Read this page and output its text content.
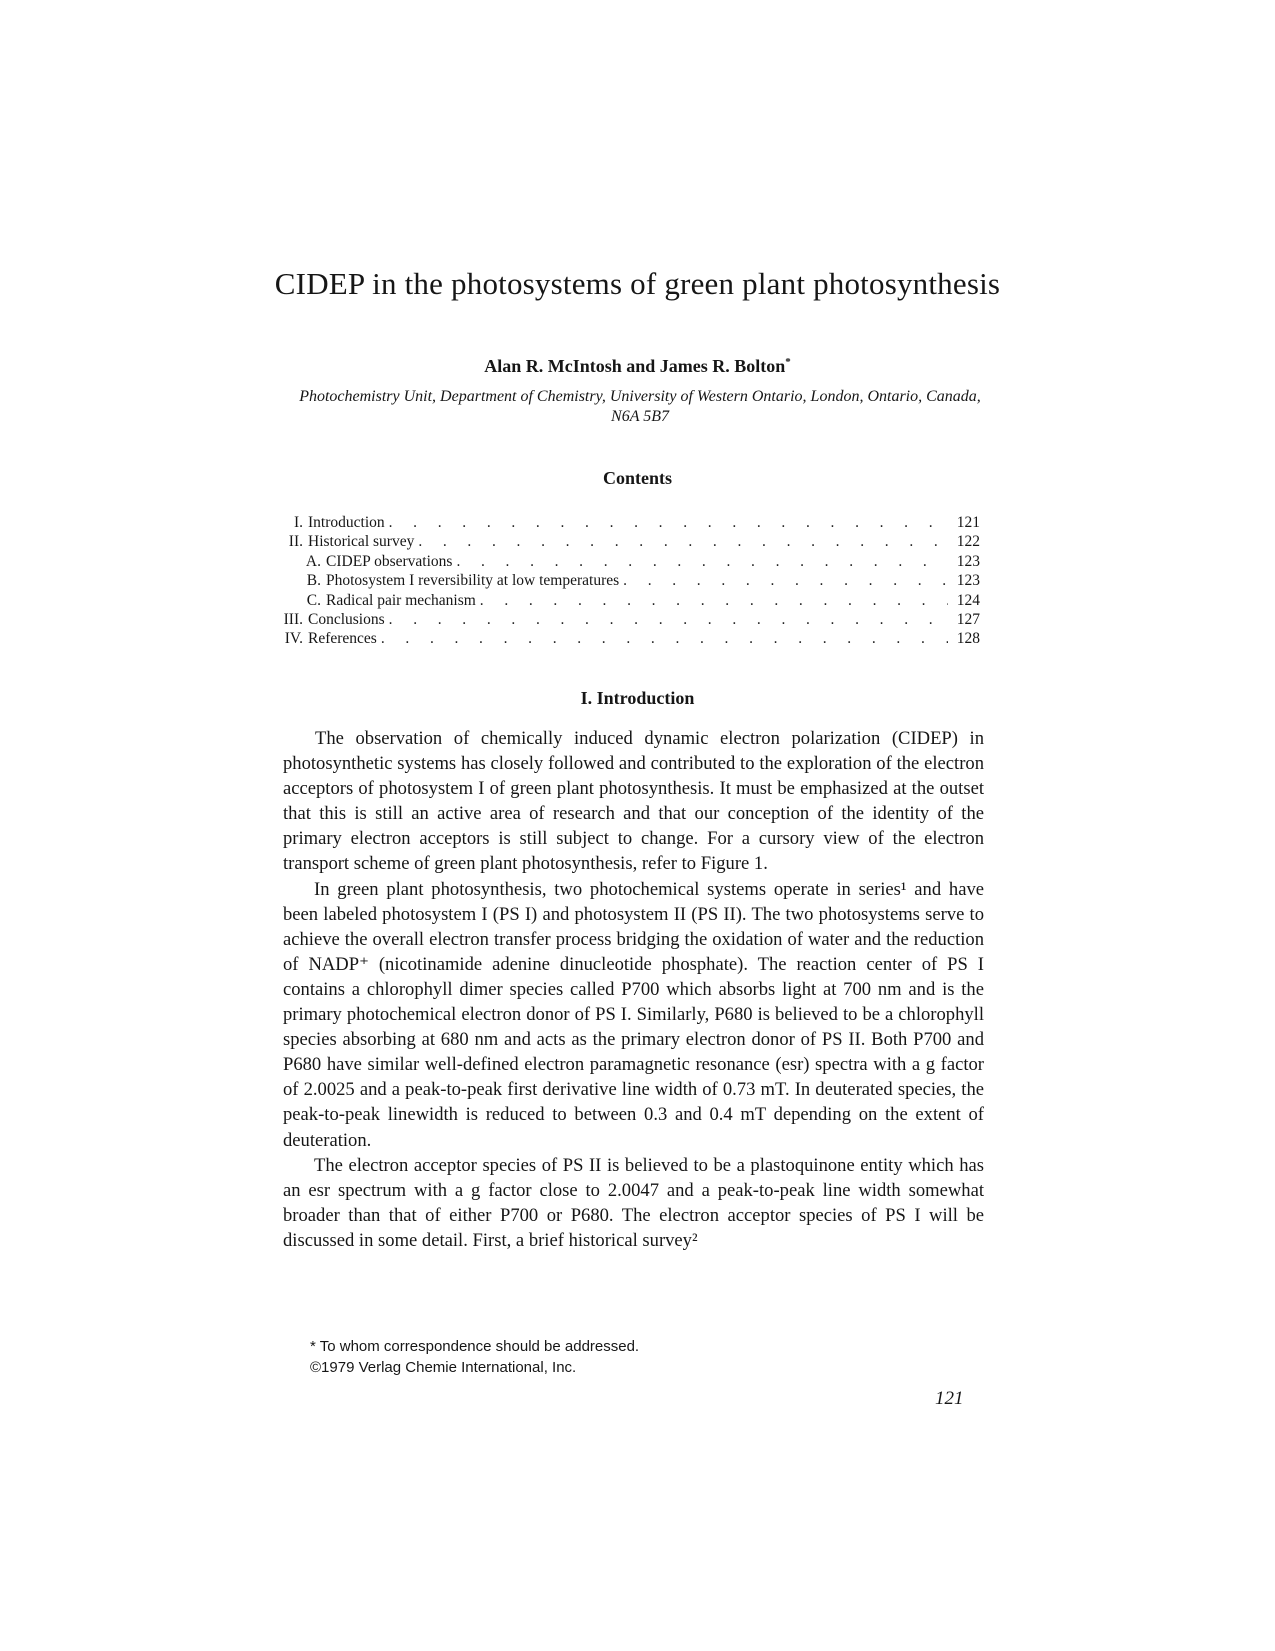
CIDEP in the photosystems of green plant photosynthesis
Alan R. McIntosh and James R. Bolton*
Photochemistry Unit, Department of Chemistry, University of Western Ontario, London, Ontario, Canada, N6A 5B7
Contents
I. Introduction . . .	121
II. Historical survey . . .	122
A. CIDEP observations . . .	123
B. Photosystem I reversibility at low temperatures . . .	123
C. Radical pair mechanism . . .	124
III. Conclusions . . .	127
IV. References . . .	128
I. Introduction

The observation of chemically induced dynamic electron polarization (CIDEP) in photosynthetic systems has closely followed and contributed to the exploration of the electron acceptors of photosystem I of green plant photosynthesis. It must be emphasized at the outset that this is still an active area of research and that our conception of the identity of the primary electron acceptors is still subject to change. For a cursory view of the electron transport scheme of green plant photosynthesis, refer to Figure 1.

In green plant photosynthesis, two photochemical systems operate in series¹ and have been labeled photosystem I (PS I) and photosystem II (PS II). The two photosystems serve to achieve the overall electron transfer process bridging the oxidation of water and the reduction of NADP⁺ (nicotinamide adenine dinucleotide phosphate). The reaction center of PS I contains a chlorophyll dimer species called P700 which absorbs light at 700 nm and is the primary photochemical electron donor of PS I. Similarly, P680 is believed to be a chlorophyll species absorbing at 680 nm and acts as the primary electron donor of PS II. Both P700 and P680 have similar well-defined electron paramagnetic resonance (esr) spectra with a g factor of 2.0025 and a peak-to-peak first derivative line width of 0.73 mT. In deuterated species, the peak-to-peak linewidth is reduced to between 0.3 and 0.4 mT depending on the extent of deuteration.

The electron acceptor species of PS II is believed to be a plastoquinone entity which has an esr spectrum with a g factor close to 2.0047 and a peak-to-peak line width somewhat broader than that of either P700 or P680. The electron acceptor species of PS I will be discussed in some detail. First, a brief historical survey²

* To whom correspondence should be addressed.
©1979 Verlag Chemie International, Inc.
121
